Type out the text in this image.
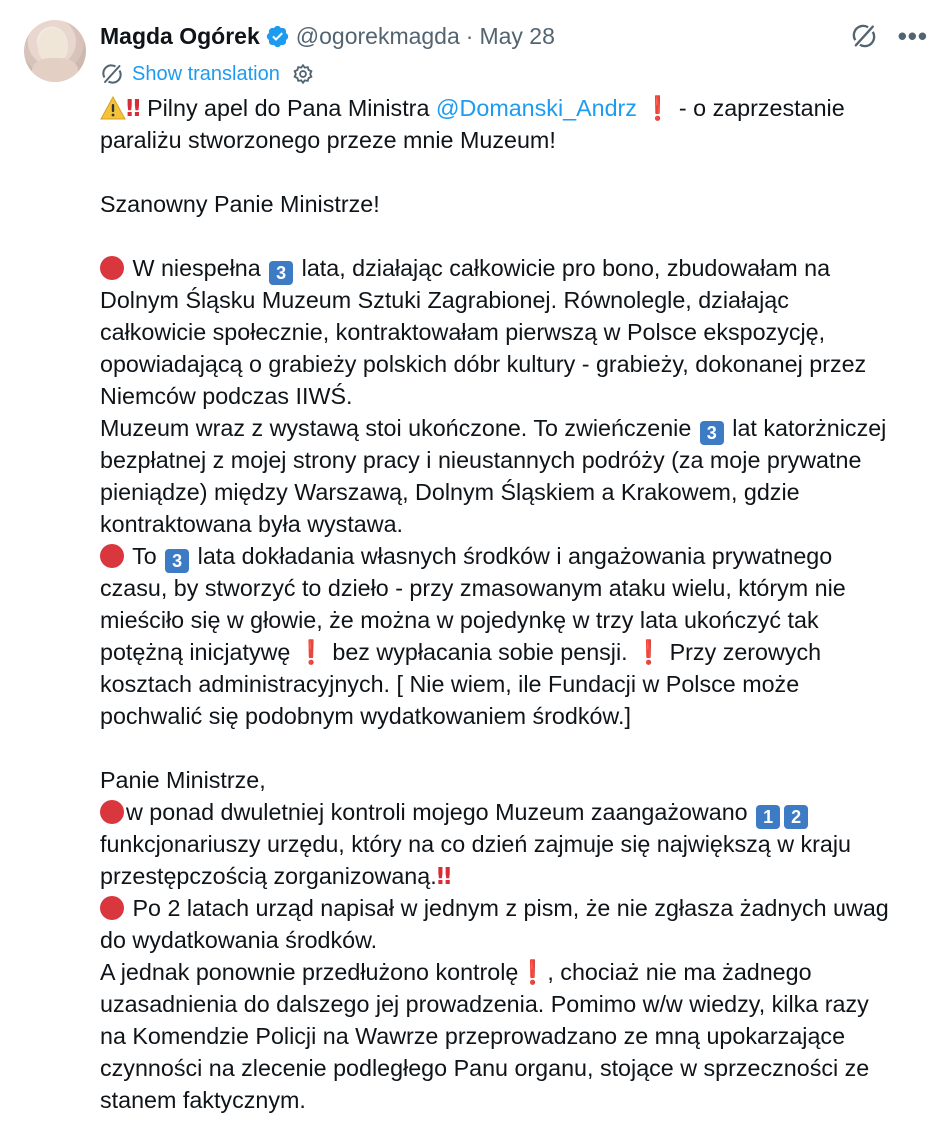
Magda Ogórek @ogorekmagda · May 28	•••
Show translation
‼ Pilny apel do Pana Ministra @Domanski_Andrz ❗ - o zaprzestanie
paraliżu stworzonego przeze mnie Muzeum!
Szanowny Panie Ministrze!
W niespełna 3 lata, działając całkowicie pro bono, zbudowałam na
Dolnym Śląsku Muzeum Sztuki Zagrabionej. Równolegle, działając
całkowicie społecznie, kontraktowałam pierwszą w Polsce ekspozycję,
opowiadającą o grabieży polskich dóbr kultury - grabieży, dokonanej przez
Niemców podczas IIWŚ.
Muzeum wraz z wystawą stoi ukończone. To zwieńczenie 3 lat katorżniczej
bezpłatnej z mojej strony pracy i nieustannych podróży (za moje prywatne
pieniądze) między Warszawą, Dolnym Śląskiem a Krakowem, gdzie
kontraktowana była wystawa.
To 3 lata dokładania własnych środków i angażowania prywatnego
czasu, by stworzyć to dzieło - przy zmasowanym ataku wielu, którym nie
mieściło się w głowie, że można w pojedynkę w trzy lata ukończyć tak
potężną inicjatywę ❗ bez wypłacania sobie pensji. ❗ Przy zerowych
kosztach administracyjnych. [ Nie wiem, ile Fundacji w Polsce może
pochwalić się podobnym wydatkowaniem środków.]
Panie Ministrze,
w ponad dwuletniej kontroli mojego Muzeum zaangażowano 1 2
funkcjonariuszy urzędu, który na co dzień zajmuje się największą w kraju
przestępczością zorganizowaną.‼
Po 2 latach urząd napisał w jednym z pism, że nie zgłasza żadnych uwag
do wydatkowania środków.
A jednak ponownie przedłużono kontrolę❗, chociaż nie ma żadnego
uzasadnienia do dalszego jej prowadzenia. Pomimo w/w wiedzy, kilka razy
na Komendzie Policji na Wawrze przeprowadzano ze mną upokarzające
czynności na zlecenie podległego Panu organu, stojące w sprzeczności ze
stanem faktycznym.
